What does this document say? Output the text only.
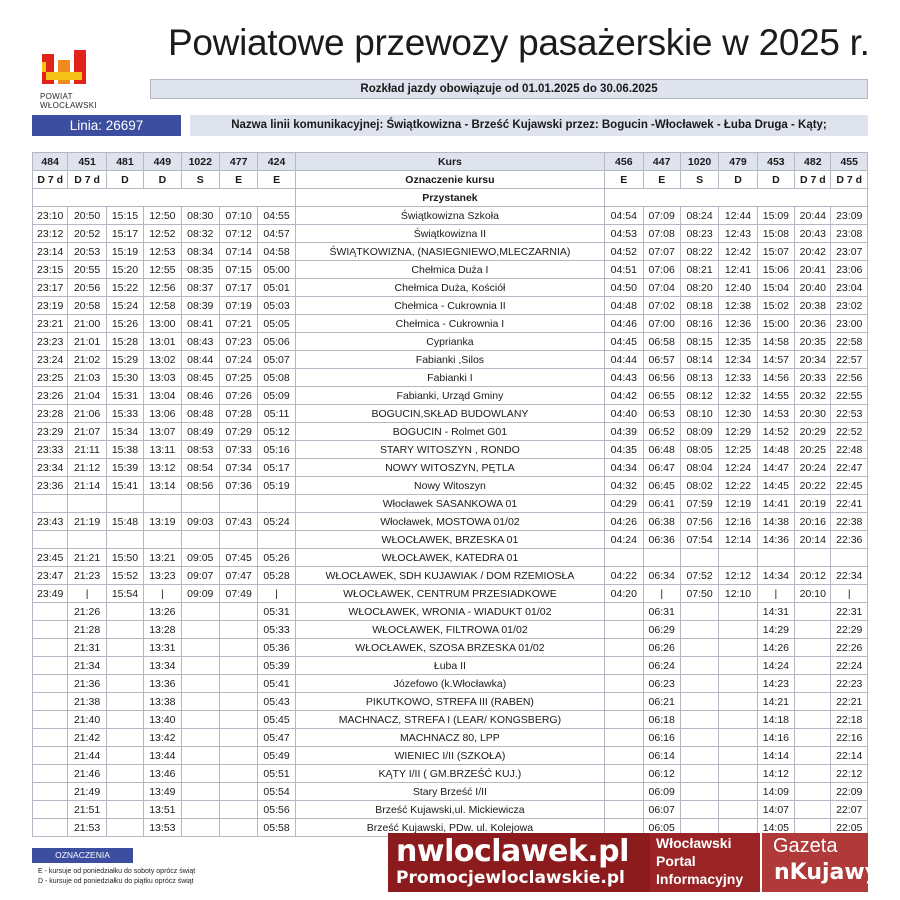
POWIAT
WŁOCŁAWSKI
Powiatowe przewozy pasażerskie w 2025 r.
Rozkład jazdy obowiązuje od 01.01.2025 do 30.06.2025
Linia: 26697	Nazwa linii komunikacyjnej: Świątkowizna - Brześć Kujawski przez: Bogucin -Włocławek - Łuba Druga - Kąty;
484	451	481	449	1022	477	424	Kurs	456	447	1020	479	453	482	455
D 7 d	D 7 d	D	D	S	E	E	Oznaczenie kursu	E	E	S	D	D	D 7 d	D 7 d
							Przystanek							
23:10	20:50	15:15	12:50	08:30	07:10	04:55	Świątkowizna Szkoła	04:54	07:09	08:24	12:44	15:09	20:44	23:09
23:12	20:52	15:17	12:52	08:32	07:12	04:57	Świątkowizna II	04:53	07:08	08:23	12:43	15:08	20:43	23:08
23:14	20:53	15:19	12:53	08:34	07:14	04:58	ŚWIĄTKOWIZNA, (NASIEGNIEWO,MLECZARNIA)	04:52	07:07	08:22	12:42	15:07	20:42	23:07
23:15	20:55	15:20	12:55	08:35	07:15	05:00	Chełmica Duża I	04:51	07:06	08:21	12:41	15:06	20:41	23:06
23:17	20:56	15:22	12:56	08:37	07:17	05:01	Chełmica Duża, Kościół	04:50	07:04	08:20	12:40	15:04	20:40	23:04
23:19	20:58	15:24	12:58	08:39	07:19	05:03	Chełmica - Cukrownia II	04:48	07:02	08:18	12:38	15:02	20:38	23:02
23:21	21:00	15:26	13:00	08:41	07:21	05:05	Chełmica - Cukrownia I	04:46	07:00	08:16	12:36	15:00	20:36	23:00
23:23	21:01	15:28	13:01	08:43	07:23	05:06	Cyprianka	04:45	06:58	08:15	12:35	14:58	20:35	22:58
23:24	21:02	15:29	13:02	08:44	07:24	05:07	Fabianki ,Silos	04:44	06:57	08:14	12:34	14:57	20:34	22:57
23:25	21:03	15:30	13:03	08:45	07:25	05:08	Fabianki I	04:43	06:56	08:13	12:33	14:56	20:33	22:56
23:26	21:04	15:31	13:04	08:46	07:26	05:09	Fabianki, Urząd Gminy	04:42	06:55	08:12	12:32	14:55	20:32	22:55
23:28	21:06	15:33	13:06	08:48	07:28	05:11	BOGUCIN,SKŁAD BUDOWLANY	04:40	06:53	08:10	12:30	14:53	20:30	22:53
23:29	21:07	15:34	13:07	08:49	07:29	05:12	BOGUCIN - Rolmet G01	04:39	06:52	08:09	12:29	14:52	20:29	22:52
23:33	21:11	15:38	13:11	08:53	07:33	05:16	STARY WITOSZYN , RONDO	04:35	06:48	08:05	12:25	14:48	20:25	22:48
23:34	21:12	15:39	13:12	08:54	07:34	05:17	NOWY WITOSZYN, PĘTLA	04:34	06:47	08:04	12:24	14:47	20:24	22:47
23:36	21:14	15:41	13:14	08:56	07:36	05:19	Nowy Witoszyn	04:32	06:45	08:02	12:22	14:45	20:22	22:45
							Włocławek SASANKOWA 01	04:29	06:41	07:59	12:19	14:41	20:19	22:41
23:43	21:19	15:48	13:19	09:03	07:43	05:24	Włocławek, MOSTOWA 01/02	04:26	06:38	07:56	12:16	14:38	20:16	22:38
							WŁOCŁAWEK, BRZESKA 01	04:24	06:36	07:54	12:14	14:36	20:14	22:36
23:45	21:21	15:50	13:21	09:05	07:45	05:26	WŁOCŁAWEK, KATEDRA 01							
23:47	21:23	15:52	13:23	09:07	07:47	05:28	WŁOCŁAWEK, SDH KUJAWIAK / DOM RZEMIOSŁA	04:22	06:34	07:52	12:12	14:34	20:12	22:34
23:49	|	15:54	|	09:09	07:49	|	WŁOCŁAWEK, CENTRUM PRZESIADKOWE	04:20	|	07:50	12:10	|	20:10	|
	21:26		13:26			05:31	WŁOCŁAWEK, WRONIA - WIADUKT 01/02		06:31			14:31		22:31
	21:28		13:28			05:33	WŁOCŁAWEK, FILTROWA 01/02		06:29			14:29		22:29
	21:31		13:31			05:36	WŁOCŁAWEK, SZOSA BRZESKA 01/02		06:26			14:26		22:26
	21:34		13:34			05:39	Łuba II		06:24			14:24		22:24
	21:36		13:36			05:41	Józefowo (k.Włocławka)		06:23			14:23		22:23
	21:38		13:38			05:43	PIKUTKOWO, STREFA III (RABEN)		06:21			14:21		22:21
	21:40		13:40			05:45	MACHNACZ, STREFA I (LEAR/ KONGSBERG)		06:18			14:18		22:18
	21:42		13:42			05:47	MACHNACZ 80, LPP		06:16			14:16		22:16
	21:44		13:44			05:49	WIENIEC I/II (SZKOŁA)		06:14			14:14		22:14
	21:46		13:46			05:51	KĄTY I/II ( GM.BRZEŚĆ KUJ.)		06:12			14:12		22:12
	21:49		13:49			05:54	Stary Brześć I/II		06:09			14:09		22:09
	21:51		13:51			05:56	Brześć Kujawski,ul. Mickiewicza		06:07			14:07		22:07
	21:53		13:53			05:58	Brześć Kujawski, PDw. ul. Kolejowa		06:05			14:05		22:05
OZNACZENIA
E - kursuje od poniedziałku do soboty oprócz świąt
D - kursuje od poniedziałku do piątku oprócz świąt
nwloclawek.pl
Promocjewloclawskie.pl
Włocławski
Portal
Informacyjny
Gazeta
nKujawy
